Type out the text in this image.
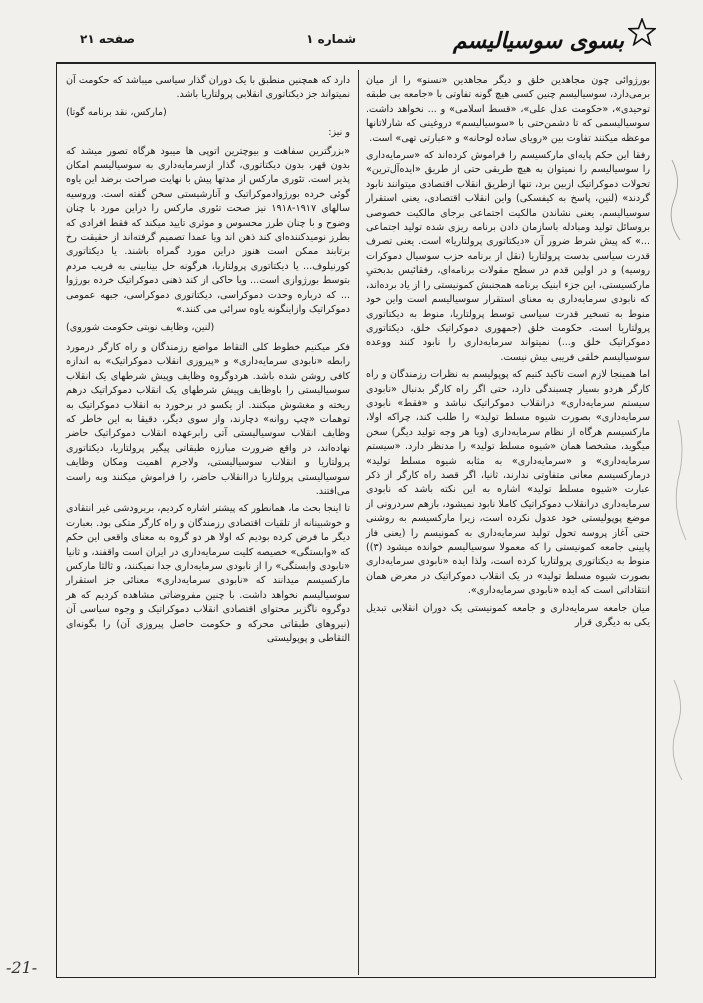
بسوی سوسیالیسم
شماره ۱
صفحه ۲۱

بورژوائی چون مجاهدین خلق و دیگر مجاهدین «نسنو» را از میان برمی‌دارد، سوسیالیسم چنین کسی هیچ گونه تفاوتی با «جامعه بی طبقه توحیدی»، «حکومت عدل علی»، «قسط اسلامی» و ... نخواهد داشت. سوسیالیسمی که تا دشمن‌حتی با «سوسیالیسم» دروغینی که شارلاتانها موعظه میکنند تفاوت بین «رویای ساده لوحانه» و «عبارتی تهی» است.

رفقا این حکم پایه‌ای مارکسیسم را فراموش کرده‌اند که «سرمایه‌داری را سوسیالیسم را نمیتوان به هیچ طریقی حتی از طریق «ایده‌آل‌ترین» تحولات دموکراتیک ازبین برد، تنها ازطریق انقلاب اقتصادی میتوانند نابود گردند» (لنین، پاسخ به کیفسکی) واین انقلاب اقتصادی، یعنی استقرار سوسیالیسم، یعنی نشاندن مالکیت اجتماعی برجای مالکیت خصوصی بروسائل تولید ومبادله باسازمان دادن برنامه ریزی شده تولید اجتماعی ...» که پیش شرط ضرور آن «دیکتاتوری پرولتاریا» است. یعنی تصرف قدرت سیاسی بدست پرولتاریا (نقل از برنامه حزب سوسیال دموکرات روسیه) و در اولین قدم در سطح مقولات برنامه‌ای، رفقائیس بدبختیِ مارکسیستی، این جزء ابنیک برنامه همجنبش کمونیستی را از یاد برده‌اند، که نابودی سرمایه‌داری به معنای استقرار سوسیالیسم است واین خود منوط به تسخیر قدرت سیاسی توسط پرولتاریا، منوط به دیکتاتوری پرولتاریا است. حکومت خلق (جمهوری دموکراتیک خلق، دیکتاتوری دموکراتیک خلق و...) نمیتواند سرمایه‌داری را نابود کنند ووعده سوسیالیسم خلقی فریبی بیش نیست.

اما همینجا لازم است تاکید کنیم که پوپولیسم به نظرات رزمندگان و راه کارگر هردو بسیار چسبندگی دارد، حتی اگر راه کارگر بدنبال «نابودی سیستم سرمایه‌داری» درانقلاب دموکراتیک نباشد و «فقط» نابودی سرمایه‌داری» بصورت شیوه مسلط تولید» را طلب کند، چراکه اولا، مارکسیسم هرگاه از نظام سرمایه‌داری (ویا هر وجه تولید دیگر) سخن میگوید، مشخصا همان «شیوه مسلط تولید» را مدنظر دارد. «سیستم سرمایه‌داری» و «سرمایه‌داری» به مثابه شیوه مسلط تولید» درمارکسیسم معانی متفاوتی ندارند، ثانیا، اگر قصد راه کارگر از ذکر عبارت «شیوه مسلط تولید» اشاره به این نکته باشد که نابودی سرمایه‌داری درانقلاب دموکراتیک کاملا نابود نمیشود، بازهم سردرونی از موضع پوپولیستی خود عدول نکرده است، زیرا مارکسیسم به روشنی حتی آغاز پروسه تحول تولید سرمایه‌داری به کمونیسم را (یعنی فاز پایینی جامعه کمونیستی را که معمولا سوسیالیسم خوانده میشود (۳)) منوط به دیکتاتوری پرولتاریا کرده است، ولذا ایده «نابودی سرمایه‌داری بصورت شیوه مسلط تولید» در یک انقلاب دموکراتیک در معرض همان انتقاداتی است که ایده «نابودی سرمایه‌داری».

میان جامعه سرمایه‌داری و جامعه کمونیستی یک دوران انقلابی تبدیل یکی به دیگری قرار

دارد که همچنین منطبق با یک دوران گذار سیاسی میباشد که حکومت آن نمیتواند جز دیکتاتوری انقلابی پرولتاریا باشد.

(مارکس، نقد برنامه گوتا)

و نیز:

«بزرگترین سفاهت و بیوچترین اتوپی ها میبود هرگاه تصور میشد که بدون قهر، بدون دیکتاتوری، گذار ازسرمایه‌داری به سوسیالیسم امکان پذیر است. تئوری مارکس از مدتها پیش با نهایت صراحت برضد این یاوه گوئی خرده بورژوادموکراتیک و آنارشیستی سخن گفته است. وروسیه سالهای ۱۹۱۷-۱۹۱۸ نیز صحت تئوری مارکس را دراین مورد با چنان وضوح و با چنان طرز محسوس و موثری تایید میکند که فقط افرادی که بطرز نومیدکننده‌ای کند ذهن اند ویا عمدا تصمیم گرفته‌اند از حقیقت رخ برتابند ممکن است هنوز دراین مورد گمراه باشند. یا دیکتاتوری کورنیلوف... یا دیکتاتوری پرولتاریا، هرگونه حل بینابینی به فریب مردم بتوسط بورژوازی است... ویا حاکی از کند ذهنی دموکراتیک خرده بورژوا ... که درباره وحدت دموکراسی، دیکتاتوری دموکراسی، جبهه عمومی دموکراتیک وازاینگونه یاوه سرائی می کنند.»

(لنین، وظایف نوبتی حکومت شوروی)

فکر میکنیم خطوط کلی التقاط مواضع رزمندگان و راه کارگر درمورد رابطه «نابودی سرمایه‌داری» و «پیروزی انقلاب دموکراتیک» به اندازه کافی روشن شده باشد. هردوگروه وظایف وپیش شرطهای یک انقلاب سوسیالیستی را باوظایف وپیش شرطهای یک انقلاب دموکراتیک درهم ریخته و مغشوش میکنند. از یکسو در برخورد به انقلاب دموکراتیک به توهمات «چپ روانه» دچارند، واز سوی دیگر، دقیقا به این خاطر که وظایف انقلاب سوسیالیستی آتی رابرعهده انقلاب دموکراتیک حاضر نهاده‌اند، در واقع ضرورت مبارزه طبقاتی پیگیر پرولتاریا، دیکتاتوری پرولتاریا و انقلاب سوسیالیستی، ولاجرم اهمیت ومکان وظایف سوسیالیستی پرولتاریا دراانقلاب حاضر، را فراموش میکنند وبه راست می‌افتند.

تا اینجا بحث ما، همانطور که پیشتر اشاره کردیم، بربرودشی غیر انتقادی و خوشبینانه از تلقیات اقتصادی رزمندگان و راه کارگر متکی بود. بعبارت دیگر ما فرض کرده بودیم که اولا هر دو گروه به معنای واقعی این حکم که «وابستگی» خصیصه کلیت سرمایه‌داری در ایران است واقفند، و ثانیا «نابودی وابستگی» را از نابودی سرمایه‌داری جدا نمیکنند، و ثالثا مارکس مارکسیسم میدانند که «نابودی سرمایه‌داری» معنائی جز استقرار سوسیالیسم نخواهد داشت. با چنین مفروضاتی مشاهده کردیم که هر دوگروه ناگزیر محتوای اقتصادی انقلاب دموکراتیک و وجوه سیاسی آن (نیروهای طبقاتی محرکه و حکومت حاصل پیروزی آن) را بگونه‌ای التقاطی و پوپولیستی

-21-
